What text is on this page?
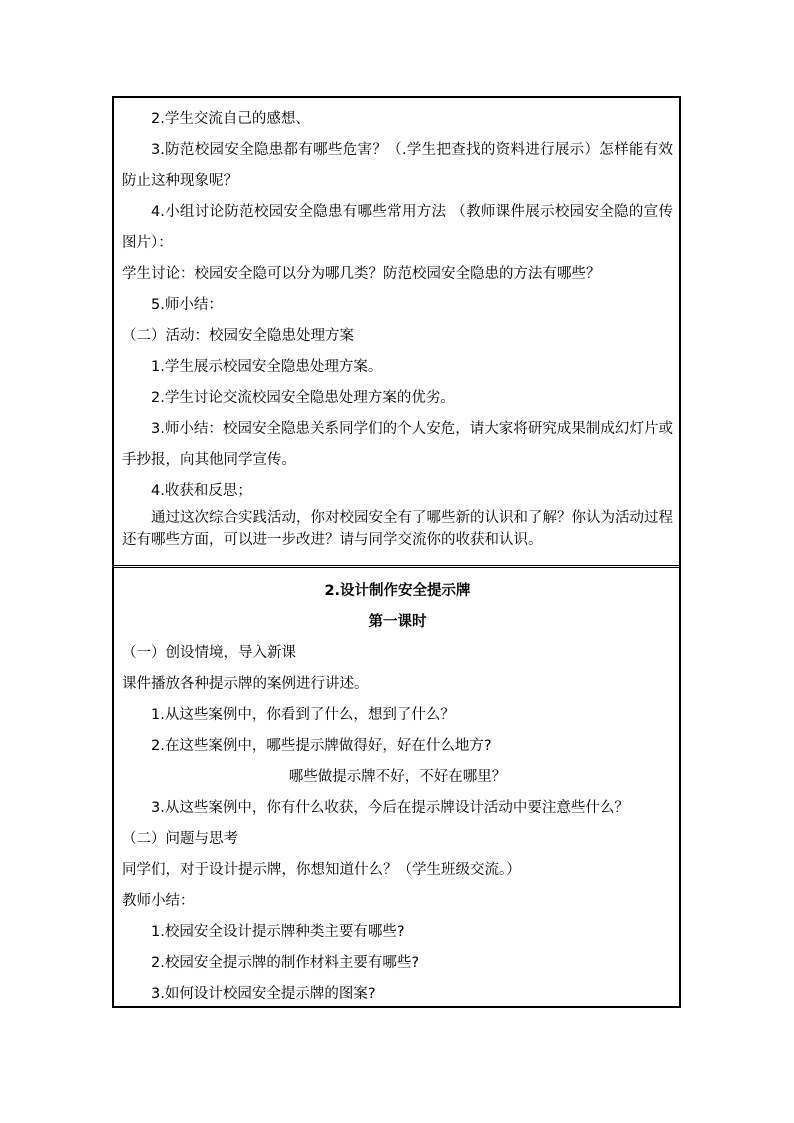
2.学生交流自己的感想、
3.防范校园安全隐患都有哪些危害？（.学生把查找的资料进行展示）怎样能有效防止这种现象呢？
4.小组讨论防范校园安全隐患有哪些常用方法 （教师课件展示校园安全隐的宣传图片）：
学生讨论：校园安全隐可以分为哪几类？防范校园安全隐患的方法有哪些？
5.师小结：
（二）活动：校园安全隐患处理方案
1.学生展示校园安全隐患处理方案。
2.学生讨论交流校园安全隐患处理方案的优劣。
3.师小结：校园安全隐患关系同学们的个人安危，请大家将研究成果制成幻灯片或手抄报，向其他同学宣传。
4.收获和反思；
通过这次综合实践活动，你对校园安全有了哪些新的认识和了解？你认为活动过程还有哪些方面，可以进一步改进？请与同学交流你的收获和认识。
2.设计制作安全提示牌
第一课时
（一）创设情境，导入新课
课件播放各种提示牌的案例进行讲述。
1.从这些案例中，你看到了什么，想到了什么？
2.在这些案例中，哪些提示牌做得好，好在什么地方?
哪些做提示牌不好，不好在哪里？
3.从这些案例中，你有什么收获，今后在提示牌设计活动中要注意些什么？
（二）问题与思考
同学们，对于设计提示牌，你想知道什么？（学生班级交流。）
教师小结：
1.校园安全设计提示牌种类主要有哪些?
2.校园安全提示牌的制作材料主要有哪些?
3.如何设计校园安全提示牌的图案?
